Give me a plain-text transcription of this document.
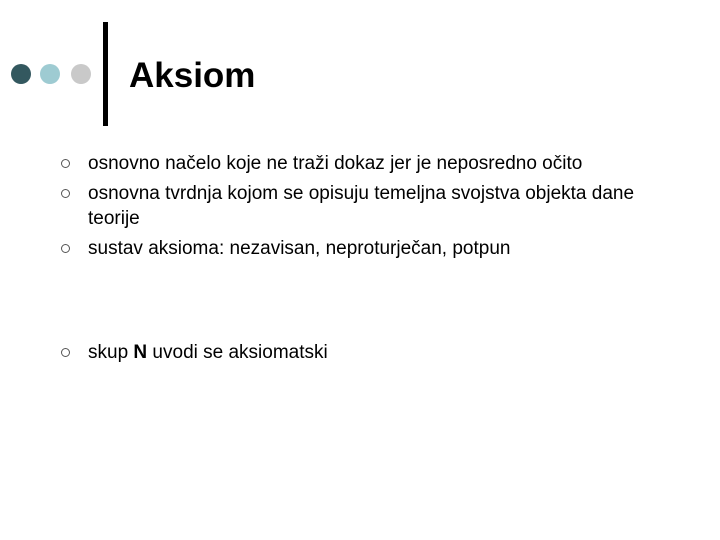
Aksiom
osnovno načelo koje ne traži dokaz jer je neposredno očito
osnovna tvrdnja kojom se opisuju temeljna svojstva objekta dane teorije
sustav aksioma: nezavisan, neproturječan, potpun
skup N uvodi se aksiomatski
